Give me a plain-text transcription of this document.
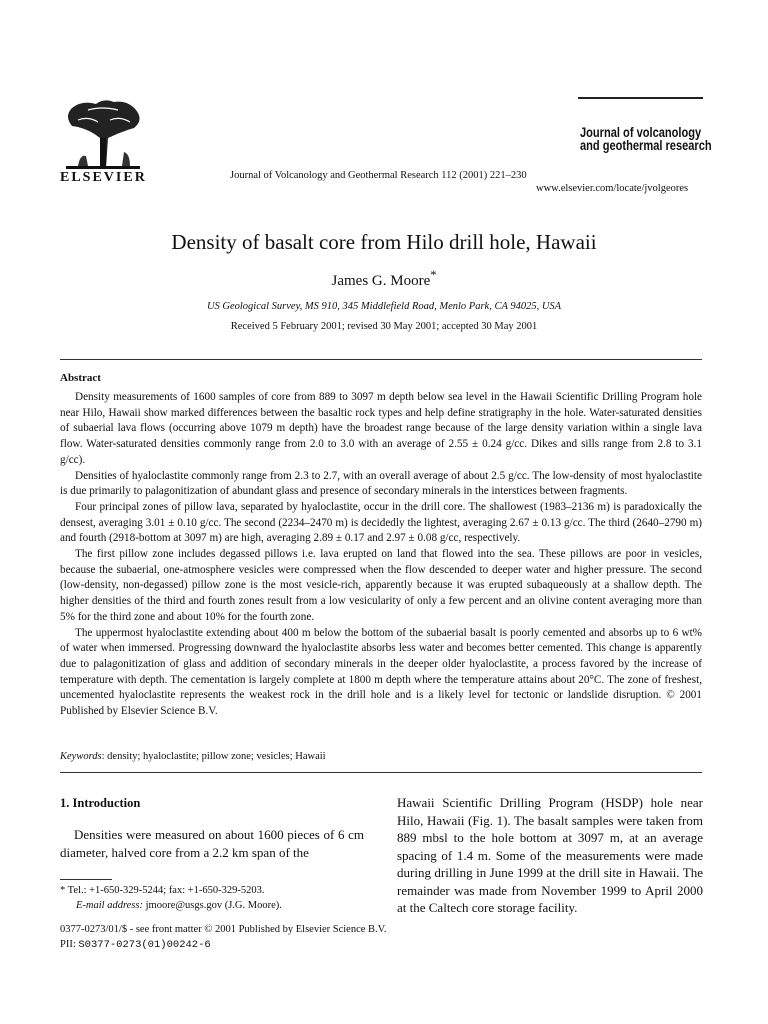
ELSEVIER	Journal of Volcanology and Geothermal Research 112 (2001) 221–230
Journal of volcanology
and geothermal research
www.elsevier.com/locate/jvolgeores
Density of basalt core from Hilo drill hole, Hawaii
James G. Moore*
US Geological Survey, MS 910, 345 Middlefield Road, Menlo Park, CA 94025, USA
Received 5 February 2001; revised 30 May 2001; accepted 30 May 2001
Abstract

Density measurements of 1600 samples of core from 889 to 3097 m depth below sea level in the Hawaii Scientific Drilling Program hole near Hilo, Hawaii show marked differences between the basaltic rock types and help define stratigraphy in the hole. Water-saturated densities of subaerial lava flows (occurring above 1079 m depth) have the broadest range because of the large density variation within a single lava flow. Water-saturated densities commonly range from 2.0 to 3.0 with an average of 2.55 ± 0.24 g/cc. Dikes and sills range from 2.8 to 3.1 g/cc).

Densities of hyaloclastite commonly range from 2.3 to 2.7, with an overall average of about 2.5 g/cc. The low-density of most hyaloclastite is due primarily to palagonitization of abundant glass and presence of secondary minerals in the interstices between fragments.

Four principal zones of pillow lava, separated by hyaloclastite, occur in the drill core. The shallowest (1983–2136 m) is paradoxically the densest, averaging 3.01 ± 0.10 g/cc. The second (2234–2470 m) is decidedly the lightest, averaging 2.67 ± 0.13 g/cc. The third (2640–2790 m) and fourth (2918-bottom at 3097 m) are high, averaging 2.89 ± 0.17 and 2.97 ± 0.08 g/cc, respectively.

The first pillow zone includes degassed pillows i.e. lava erupted on land that flowed into the sea. These pillows are poor in vesicles, because the subaerial, one-atmosphere vesicles were compressed when the flow descended to deeper water and higher pressure. The second (low-density, non-degassed) pillow zone is the most vesicle-rich, apparently because it was erupted subaqueously at a shallow depth. The higher densities of the third and fourth zones result from a low vesicularity of only a few percent and an olivine content averaging more than 5% for the third zone and about 10% for the fourth zone.

The uppermost hyaloclastite extending about 400 m below the bottom of the subaerial basalt is poorly cemented and absorbs up to 6 wt% of water when immersed. Progressing downward the hyaloclastite absorbs less water and becomes better cemented. This change is apparently due to palagonitization of glass and addition of secondary minerals in the deeper older hyaloclastite, a process favored by the increase of temperature with depth. The cementation is largely complete at 1800 m depth where the temperature attains about 20°C. The zone of freshest, uncemented hyaloclastite represents the weakest rock in the drill hole and is a likely level for tectonic or landslide disruption. © 2001 Published by Elsevier Science B.V.

Keywords: density; hyaloclastite; pillow zone; vesicles; Hawaii
1. Introduction

Densities were measured on about 1600 pieces of 6 cm diameter, halved core from a 2.2 km span of the

Hawaii Scientific Drilling Program (HSDP) hole near Hilo, Hawaii (Fig. 1). The basalt samples were taken from 889 mbsl to the hole bottom at 3097 m, at an average spacing of 1.4 m. Some of the measurements were made during drilling in June 1999 at the drill site in Hawaii. The remainder was made from November 1999 to April 2000 at the Caltech core storage facility.

* Tel.: +1-650-329-5244; fax: +1-650-329-5203.
E-mail address: jmoore@usgs.gov (J.G. Moore).
0377-0273/01/$ - see front matter © 2001 Published by Elsevier Science B.V.
PII: S0377-0273(01)00242-6
